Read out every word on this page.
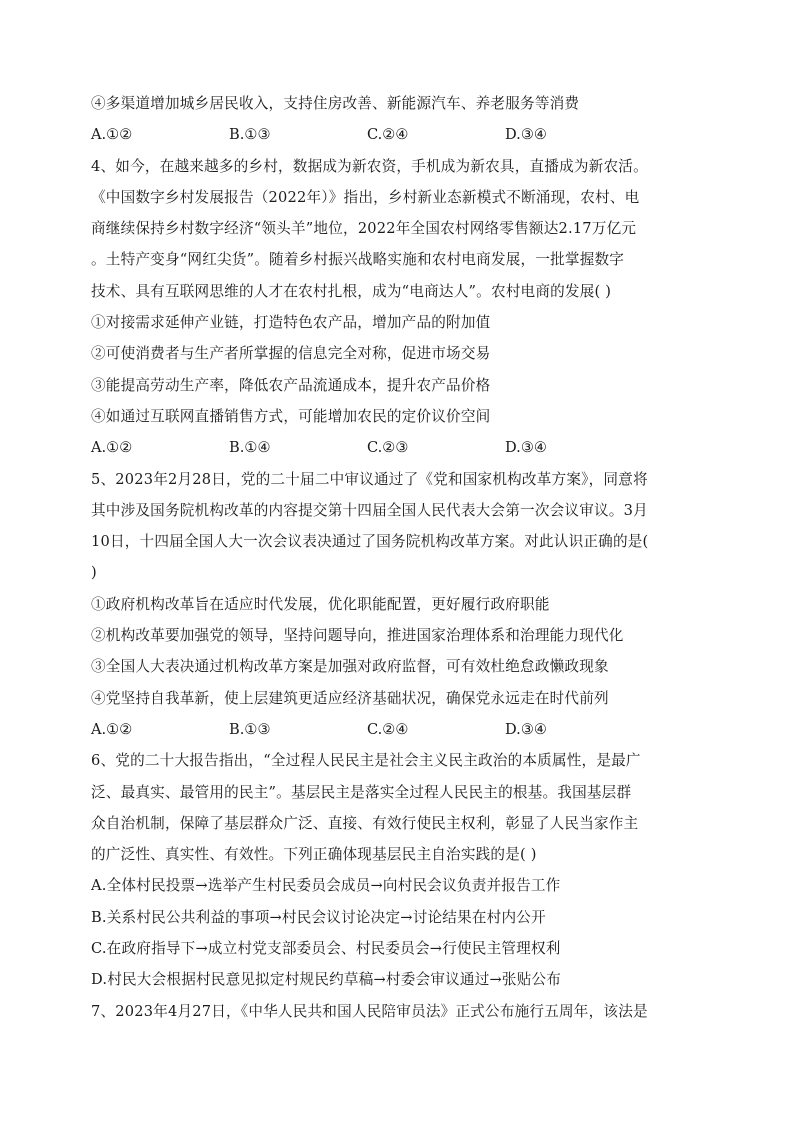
④多渠道增加城乡居民收入，支持住房改善、新能源汽车、养老服务等消费
A.①②	B.①③	C.②④	D.③④
4、如今，在越来越多的乡村，数据成为新农资，手机成为新农具，直播成为新农活。
《中国数字乡村发展报告（2022年）》指出，乡村新业态新模式不断涌现，农村、电
商继续保持乡村数字经济“领头羊”地位，2022年全国农村网络零售额达2.17万亿元
。土特产变身“网红尖货”。随着乡村振兴战略实施和农村电商发展，一批掌握数字
技术、具有互联网思维的人才在农村扎根，成为“电商达人”。农村电商的发展( )
①对接需求延伸产业链，打造特色农产品，增加产品的附加值
②可使消费者与生产者所掌握的信息完全对称，促进市场交易
③能提高劳动生产率，降低农产品流通成本，提升农产品价格
④如通过互联网直播销售方式，可能增加农民的定价议价空间
A.①②	B.①④	C.②③	D.③④
5、2023年2月28日，党的二十届二中审议通过了《党和国家机构改革方案》，同意将
其中涉及国务院机构改革的内容提交第十四届全国人民代表大会第一次会议审议。3月
10日，十四届全国人大一次会议表决通过了国务院机构改革方案。对此认识正确的是(
)
①政府机构改革旨在适应时代发展，优化职能配置，更好履行政府职能
②机构改革要加强党的领导，坚持问题导向，推进国家治理体系和治理能力现代化
③全国人大表决通过机构改革方案是加强对政府监督，可有效杜绝怠政懒政现象
④党坚持自我革新，使上层建筑更适应经济基础状况，确保党永远走在时代前列
A.①②	B.①③	C.②④	D.③④
6、党的二十大报告指出，“全过程人民民主是社会主义民主政治的本质属性，是最广
泛、最真实、最管用的民主”。基层民主是落实全过程人民民主的根基。我国基层群
众自治机制，保障了基层群众广泛、直接、有效行使民主权利，彰显了人民当家作主
的广泛性、真实性、有效性。下列正确体现基层民主自治实践的是( )
A.全体村民投票→选举产生村民委员会成员→向村民会议负责并报告工作
B.关系村民公共利益的事项→村民会议讨论决定→讨论结果在村内公开
C.在政府指导下→成立村党支部委员会、村民委员会→行使民主管理权利
D.村民大会根据村民意见拟定村规民约草稿→村委会审议通过→张贴公布
7、2023年4月27日，《中华人民共和国人民陪审员法》正式公布施行五周年，该法是
